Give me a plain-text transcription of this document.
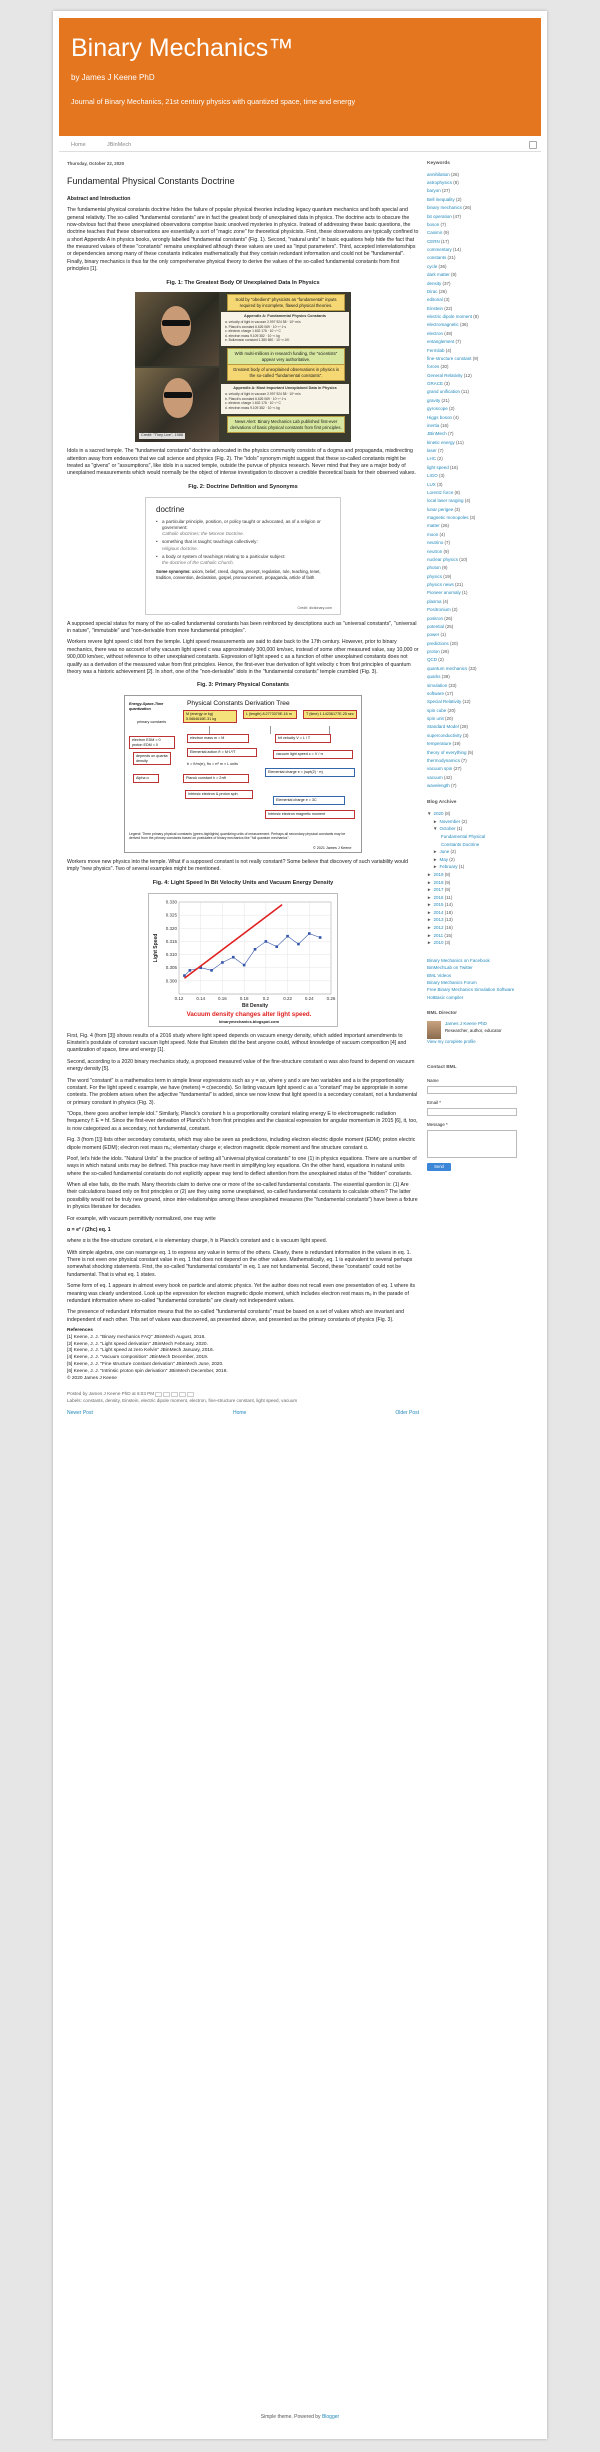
Binary Mechanics™
by James J Keene PhD
Journal of Binary Mechanics, 21st century physics with quantized space, time and energy
Home	JBinMech
Thursday, October 22, 2020
Fundamental Physical Constants Doctrine

Abstract and Introduction

The fundamental physical constants doctrine hides the failure of popular physical theories including legacy quantum mechanics and both special and general relativity. The so-called "fundamental constants" are in fact the greatest body of unexplained data in physics. The doctrine acts to obscure the now-obvious fact that these unexplained observations comprise basic unsolved mysteries in physics. Instead of addressing these basic questions, the doctrine teaches that these observations are essentially a sort of "magic zone" for theoretical physicists. First, these observations are typically confined to a short Appendix A in physics books, wrongly labelled "fundamental constants" (Fig. 1). Second, "natural units" in basic equations help hide the fact that the measured values of these "constants" remains unexplained although these values are used as "input parameters". Third, accepted interrelationships or dependencies among many of these constants indicates mathematically that they contain redundant information and could not be "fundamental". Finally, binary mechanics is thus far the only comprehensive physical theory to derive the values of the so-called fundamental constants from first principles [1].

Fig. 1: The Greatest Body Of Unexplained Data In Physics
Sold by "obedient" physicists as "fundamental" inputs required by incomplete, flawed physical theories.
Appendix A: Fundamental Physics Constants
a. velocity of light in vacuum 2.997 924 58 · 10⁸ m/s
b. Planck's constant 6.626 069 · 10⁻³⁴ J·s
c. electron charge 1.602 176 · 10⁻¹⁹ C
d. electron mass 9.109 382 · 10⁻³¹ kg
e. Boltzmann constant 1.380 650 · 10⁻²³ J/K
With multi-millions in research funding, the "scientists" appear very authoritative.
Greatest body of unexplained observations in physics is the so-called "fundamental constants".
Appendix A: Most Important Unexplained Data in Physics
a. velocity of light in vacuum 2.997 924 58 · 10⁸ m/s
b. Planck's constant 6.626 069 · 10⁻³⁴ J·s
c. electron charge 1.602 176 · 10⁻¹⁹ C
d. electron mass 9.109 382 · 10⁻³¹ kg
News Alert: Binary Mechanics Lab published first-ever derivations of basic physical constants from first principles.
Credit: "They Live", 1988

Idols in a sacred temple. The "fundamental constants" doctrine advocated in the physics community consists of a dogma and propaganda, misdirecting attention away from endeavors that we call science and physics (Fig. 2). The "idols" synonym might suggest that these so-called constants might be treated as "givens" or "assumptions", like idols in a sacred temple, outside the purvue of physics research. Never mind that they are a major body of unexplained measurements which would normally be the object of intense investigation to discover a credible theoretical basis for their observed values.

Fig. 2: Doctrine Definition and Synonyms
doctrine
• a particular principle, position, or policy taught or advocated, as of a religion or government:
Catholic doctrines; the Monroe Doctrine.
• something that is taught; teachings collectively:
religious doctrine.
• a body or system of teachings relating to a particular subject:
the doctrine of the Catholic Church.
Some synonyms: axiom, belief, creed, dogma, precept, regulation, rule, teaching, tenet, tradition, convention, declaration, gospel, pronouncement, propaganda, article of faith
Credit: dictionary.com

A supposed special status for many of the so-called fundamental constants has been reinforced by descriptions such as "universal constants", "universal in nature", "immutable" and "non-derivable from more fundamental principles".

Workers revere light speed c idol from the temple. Light speed measurements are said to date back to the 17th century. However, prior to binary mechanics, there was no account of why vacuum light speed c was approximately 300,000 km/sec, instead of some other measured value, say 10,000 or 900,000 km/sec, without reference to other unexplained constants. Expression of light speed c as a function of other unexplained constants does not qualify as a derivation of the measured value from first principles. Hence, the first-ever true derivation of light velocity c from first principles of quantum theory was a historic achievement [2]. In short, one of the "non-derivable" idols in the "fundamental constants" temple crumbled (Fig. 3).

Fig. 3: Primary Physical Constants
Physical Constants Derivation Tree
Energy-Space-Time quantization
primary constants
M (energy or kg) 5.0664616E-31 kg
L (length) 8.2773370E-16 m	T (time) 1.14236177E-25 sec
electron EDM = 0 proton EDM = 0
electron mass m = M	bit velocity V = L / T
depends on quanta density
Elemental action ℏ = M·L²/T	vacuum light speed c = V / π
b = ℏ/m(π), ℏs = π² m × L units
Alpha α	Planck constant h = 2πℏ
Elemental charge e = (sqrt(2) · π)
Intrinsic electron & proton spin
Elemental charge e = 3C
Intrinsic electron magnetic moment
Legend: Three primary physical constants (green-highlights) quantizing units of measurement. Perhaps all secondary physical constants may be derived from the primary constants based on postulates of binary mechanics like "full quantum mechanics".
© 2021 James J Keene

Workers move new physics into the temple. What if a supposed constant is not really constant? Some believe that discovery of such variability would imply "new physics". Two of several examples might be mentioned.

Fig. 4: Light Speed In Bit Velocity Units and Vacuum Energy Density
0.300
0.305
0.310
0.315
0.320
0.325
0.330
0.12	0.14	0.16	0.18	0.2	0.22	0.24	0.26
Light Speed
Bit Density
Vacuum density changes alter light speed.
binarymechanics.blogspot.com

First, Fig. 4 (from [3]) shows results of a 2016 study where light speed depends on vacuum energy density, which added important amendments to Einstein's postulate of constant vacuum light speed. Note that Einstein did the best anyone could, without knowledge of vacuum composition [4] and quantization of space, time and energy [1].

Second, according to a 2020 binary mechanics study, a proposed measured value of the fine-structure constant α was also found to depend on vacuum energy density [5].

The word "constant" is a mathematics term in simple linear expressions such as y = ax, where y and x are two variables and a is the proportionality constant. For the light speed c example, we have (meters) = c(seconds). So listing vacuum light speed c as a "constant" may be appropriate in some contexts. The problem arises when the adjective "fundamental" is added, since we now know that light speed is a secondary constant, not a fundamental or primary constant in physics (Fig. 3).

"Oops, there goes another temple idol." Similarly, Planck's constant h is a proportionality constant relating energy E to electromagnetic radiation frequency f: E = hf. Since the first-ever derivation of Planck's h from first principles and the classical expression for angular momentum in 2015 [6], it, too, is now categorized as a secondary, not fundamental, constant.

Fig. 3 (from [1]) lists other secondary constants, which may also be seen as predictions, including electron electric dipole moment (EDM); proton electric dipole moment (EDM); electron rest mass mₑ; elementary charge e; electron magnetic dipole moment and fine structure constant α.

Poof, let's hide the idols. "Natural Units" is the practice of setting all "universal physical constants" to one (1) in physics equations. There are a number of ways in which natural units may be defined. This practice may have merit in simplifying key equations. On the other hand, equations in natural units where the so-called fundamental constants do not explicitly appear may tend to deflect attention from the unexplained status of the "hidden" constants.

When all else fails, do the math. Many theorists claim to derive one or more of the so-called fundamental constants. The essential question is: (1) Are their calculations based only on first principles or (2) are they using some unexplained, so-called fundamental constants to calculate others? The latter possibility would not be truly new ground, since inter-relationships among these unexplained measures (the "fundamental constants") have been a fixture in physics literature for decades.

For example, with vacuum permittivity normalized, one may write

α = e² / (2hc) eq. 1

where α is the fine-structure constant, e is elementary charge, h is Planck's constant and c is vacuum light speed.

With simple algebra, one can rearrange eq. 1 to express any value in terms of the others. Clearly, there is redundant information in the values in eq. 1. There is not even one physical constant value in eq. 1 that does not depend on the other values. Mathematically, eq. 1 is equivalent to several perhaps somewhat shocking statements. First, the so-called "fundamental constants" in eq. 1 are not fundamental. Second, these "constants" could not be fundamental. That is what eq. 1 states.

Some form of eq. 1 appears in almost every book on particle and atomic physics. Yet the author does not recall even one presentation of eq. 1 where its meaning was clearly understood. Look up the expression for electron magnetic dipole moment, which includes electron rest mass mₑ in the parade of redundant information where so-called "fundamental constants" are clearly not independent values.

The presence of redundant information means that the so-called "fundamental constants" must be based on a set of values which are invariant and independent of each other. This set of values was discovered, as presented above, and presented as the primary constants of physics (Fig. 3).

References

[1] Keene, J. J. "Binary mechanics FAQ" JBinMech August, 2018.

[2] Keene, J. J. "Light speed derivation" JBinMech February, 2020.

[3] Keene, J. J. "Light speed at zero Kelvin" JBinMech January, 2016.

[4] Keene, J. J. "Vacuum composition" JBinMech December, 2019.

[5] Keene, J. J. "Fine structure constant derivation" JBinMech June, 2020.

[6] Keene, J. J. "Intrinsic proton spin derivation" JBinMech December, 2018.

© 2020 James J Keene

Posted by James J Keene PhD at 6:03 PM
Labels: constants, density, Einstein, electric dipole moment, electron, fine-structure constant, light speed, vacuum
Newer Post	Home	Older Post
Keywords
annihilation (26)
astrophysics (8)
baryon (27)
Bell inequality (2)
binary mechanics (26)
bit operation (47)
boson (7)
Casimir (9)
CERN (17)
commentary (14)
constants (21)
cycle (36)
dark matter (9)
density (37)
Dirac (26)
editorial (3)
Einstein (22)
electric dipole moment (8)
electromagnetic (36)
electron (49)
entanglement (7)
Fermilab (4)
fine-structure constant (9)
forces (30)
General Relativity (12)
GRACE (3)
grand unification (11)
gravity (21)
gyroscope (2)
Higgs boson (4)
inertia (16)
JBinMech (7)
kinetic energy (11)
laser (7)
LHC (2)
light speed (16)
LIGO (3)
LUX (3)
Lorentz force (8)
local laser ranging (4)
lunar perigee (3)
magnetic monopoles (3)
matter (26)
moon (4)
neutrino (7)
neutron (9)
nuclear physics (10)
photon (9)
physics (19)
physics news (21)
Pioneer anomaly (1)
plasma (4)
Positronium (2)
positron (26)
potential (25)
power (1)
predictions (20)
proton (28)
QCD (2)
quantum mechanics (33)
quarks (39)
simulation (33)
software (17)
Special Relativity (12)
spin cube (20)
spin unit (20)
Standard Model (28)
superconductivity (3)
temperature (19)
theory of everything (5)
thermodynamics (7)
vacuum spin (27)
vacuum (42)
wavelength (7)
Blog Archive
▼ 2020 (8)
► November (2)
▼ October (1)
Fundamental Physical
Constants Doctrine
► June (2)
► May (2)
► February (1)
► 2019 (8)
► 2018 (9)
► 2017 (9)
► 2016 (11)
► 2015 (14)
► 2014 (18)
► 2013 (13)
► 2012 (16)
► 2011 (15)
► 2010 (3)
Binary Mechanics on Facebook
BinMechLab on Twitter
BML Videos
Binary Mechanics Forum
Free Binary Mechanics Simulation Software
HotBasic compiler
BML Director
James J Keene PhD
Researcher, author, educator
View my complete profile
Contact BML
Name
Email *
Message *
Send
Simple theme. Powered by Blogger
